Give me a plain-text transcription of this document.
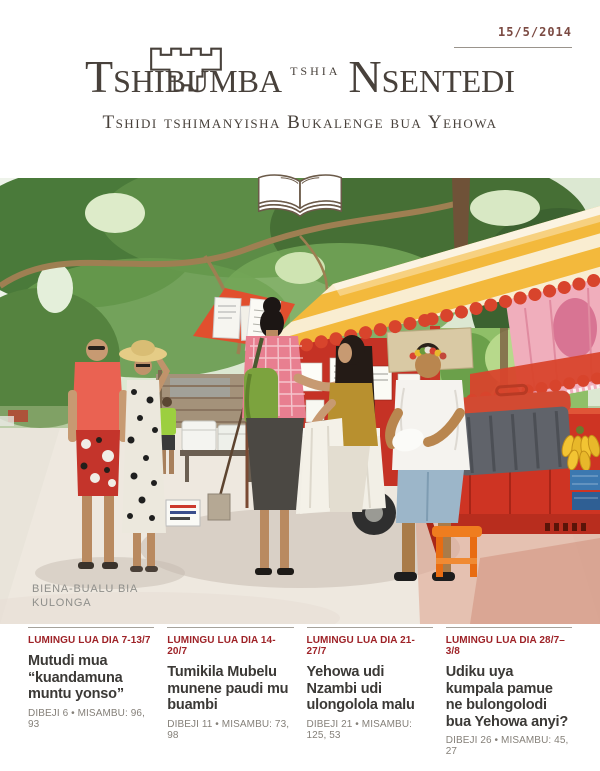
15/5/2014
Tshibumba $^{tshia}$ Nsentedi
Tshidi tshimanyisha Bukalenge bua Yehowa
BIENA-BUALU BIA
KULONGA
LUMINGU LUA DIA 7-13/7
Mutudi mua “kuandamuna muntu yonso”
DIBEJI 6 • MISAMBU: 96, 93
LUMINGU LUA DIA 14-20/7
Tumikila Mubelu munene paudi mu buambi
DIBEJI 11 • MISAMBU: 73, 98
LUMINGU LUA DIA 21-27/7
Yehowa udi Nzambi udi ulongolola malu
DIBEJI 21 • MISAMBU: 125, 53
LUMINGU LUA DIA 28/7–3/8
Udiku uya kumpala pamue ne bulongolodi bua Yehowa anyi?
DIBEJI 26 • MISAMBU: 45, 27
